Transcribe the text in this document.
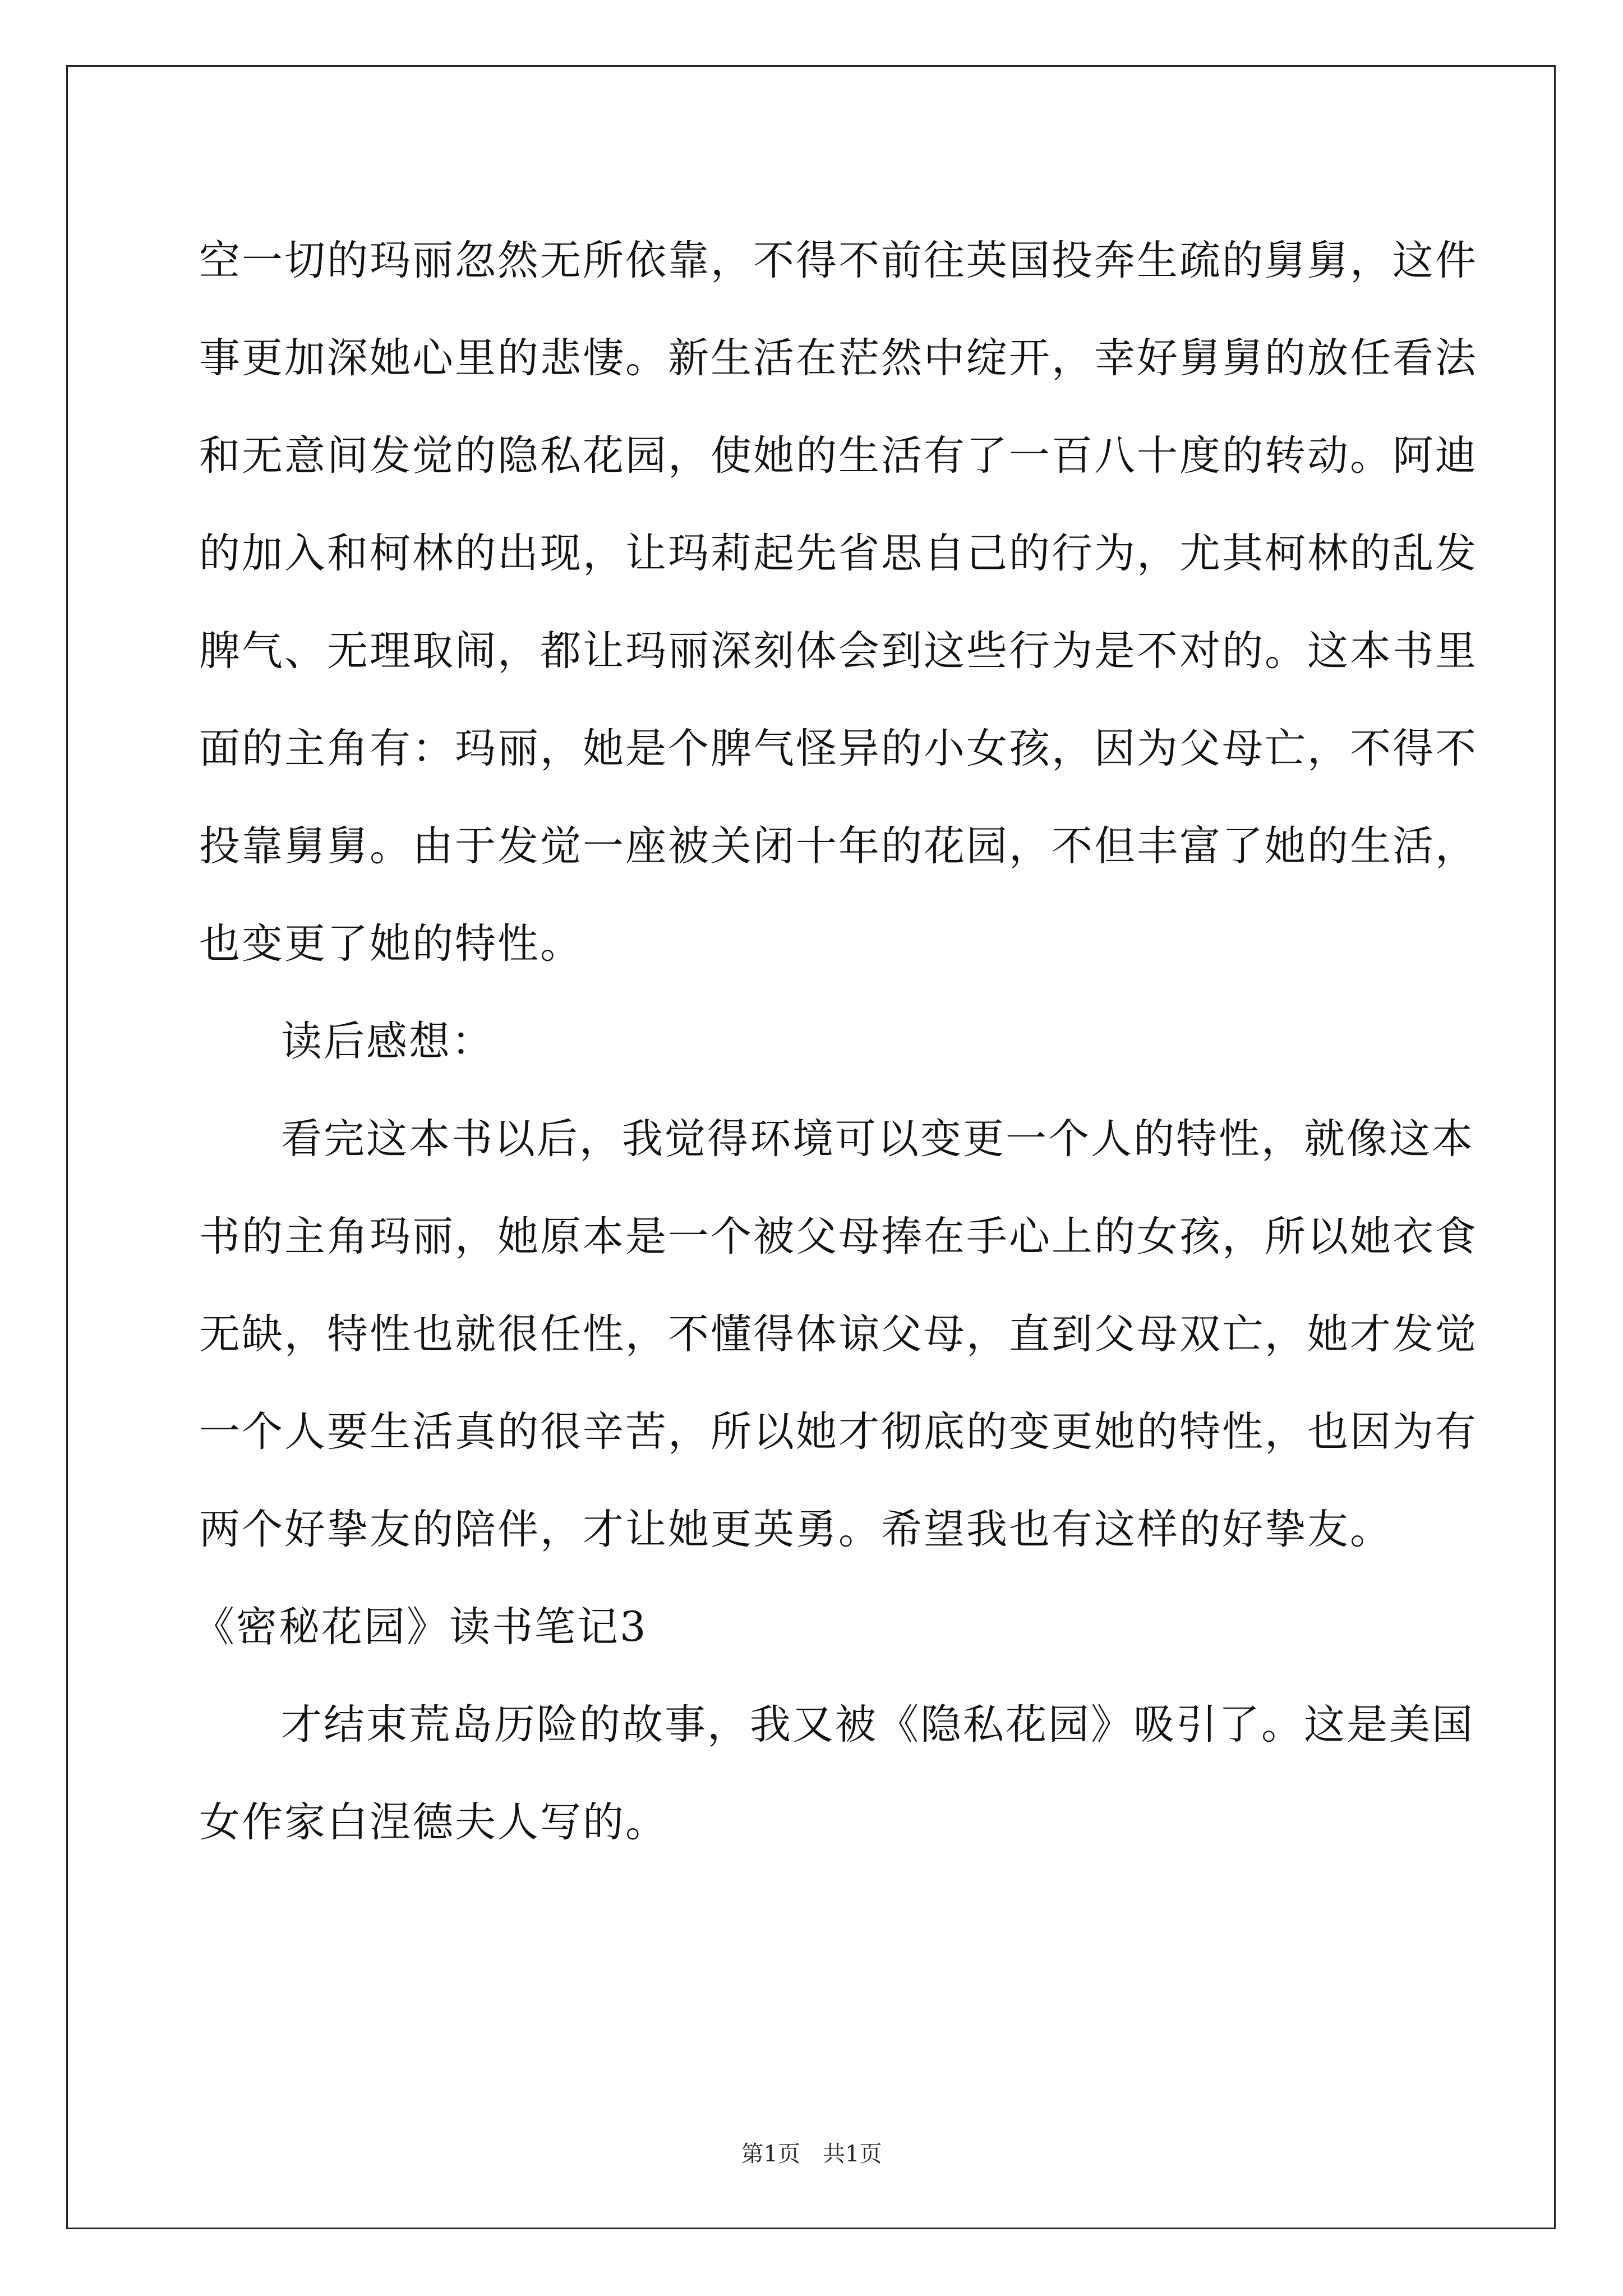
空一切的玛丽忽然无所依靠，不得不前往英国投奔生疏的舅舅，这件
事更加深她心里的悲悽。新生活在茫然中绽开，幸好舅舅的放任看法
和无意间发觉的隐私花园，使她的生活有了一百八十度的转动。阿迪
的加入和柯林的出现，让玛莉起先省思自己的行为，尤其柯林的乱发
脾气、无理取闹，都让玛丽深刻体会到这些行为是不对的。这本书里
面的主角有：玛丽，她是个脾气怪异的小女孩，因为父母亡，不得不
投靠舅舅。由于发觉一座被关闭十年的花园，不但丰富了她的生活，
也变更了她的特性。
读后感想：
看完这本书以后，我觉得环境可以变更一个人的特性，就像这本
书的主角玛丽，她原本是一个被父母捧在手心上的女孩，所以她衣食
无缺，特性也就很任性，不懂得体谅父母，直到父母双亡，她才发觉
一个人要生活真的很辛苦，所以她才彻底的变更她的特性，也因为有
两个好挚友的陪伴，才让她更英勇。希望我也有这样的好挚友。
《密秘花园》读书笔记3
才结束荒岛历险的故事，我又被《隐私花园》吸引了。这是美国
女作家白涅德夫人写的。
第1页　共1页
